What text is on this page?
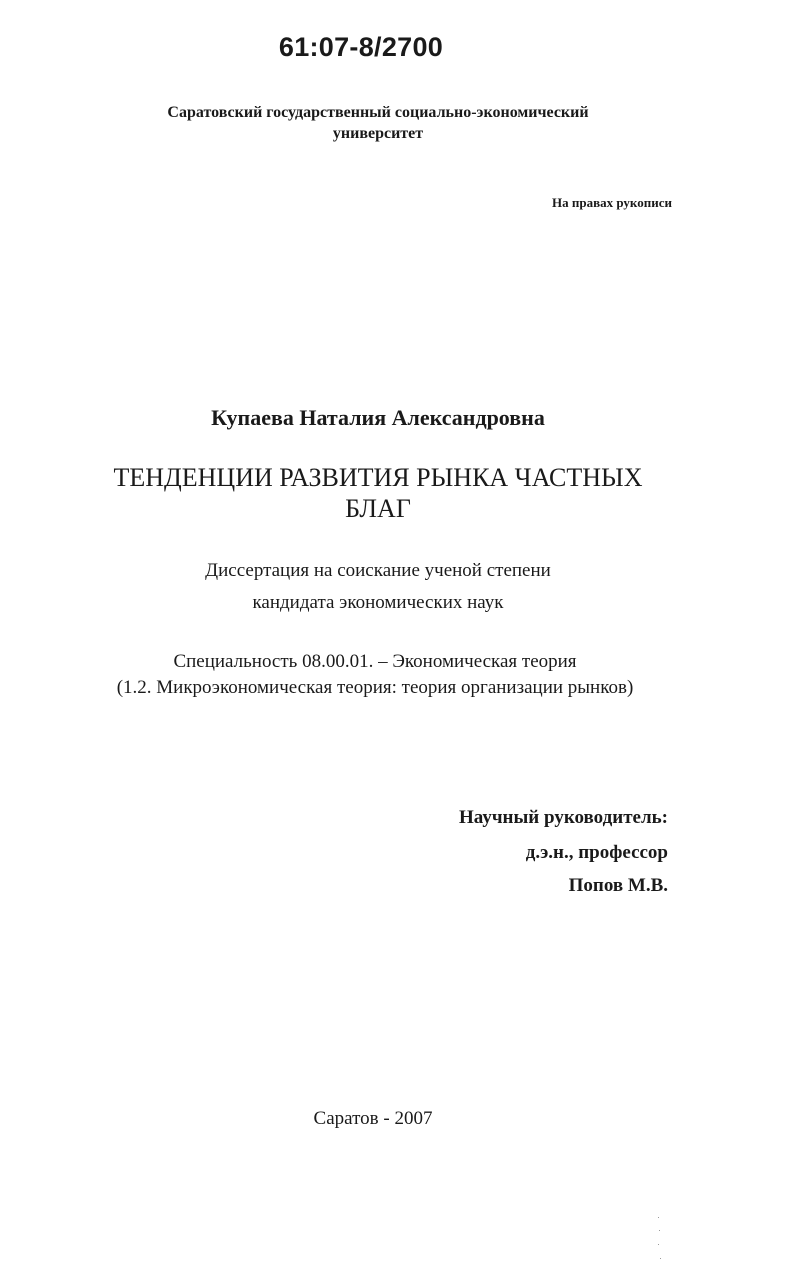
61:07-8/2700
Саратовский государственный социально-экономический
университет
На правах рукописи
Купаева Наталия Александровна
ТЕНДЕНЦИИ РАЗВИТИЯ РЫНКА ЧАСТНЫХ
БЛАГ
Диссертация на соискание ученой степени
кандидата экономических наук
Специальность 08.00.01. – Экономическая теория
(1.2. Микроэкономическая теория: теория организации рынков)
Научный руководитель:
д.э.н., профессор
Попов М.В.
Саратов - 2007
